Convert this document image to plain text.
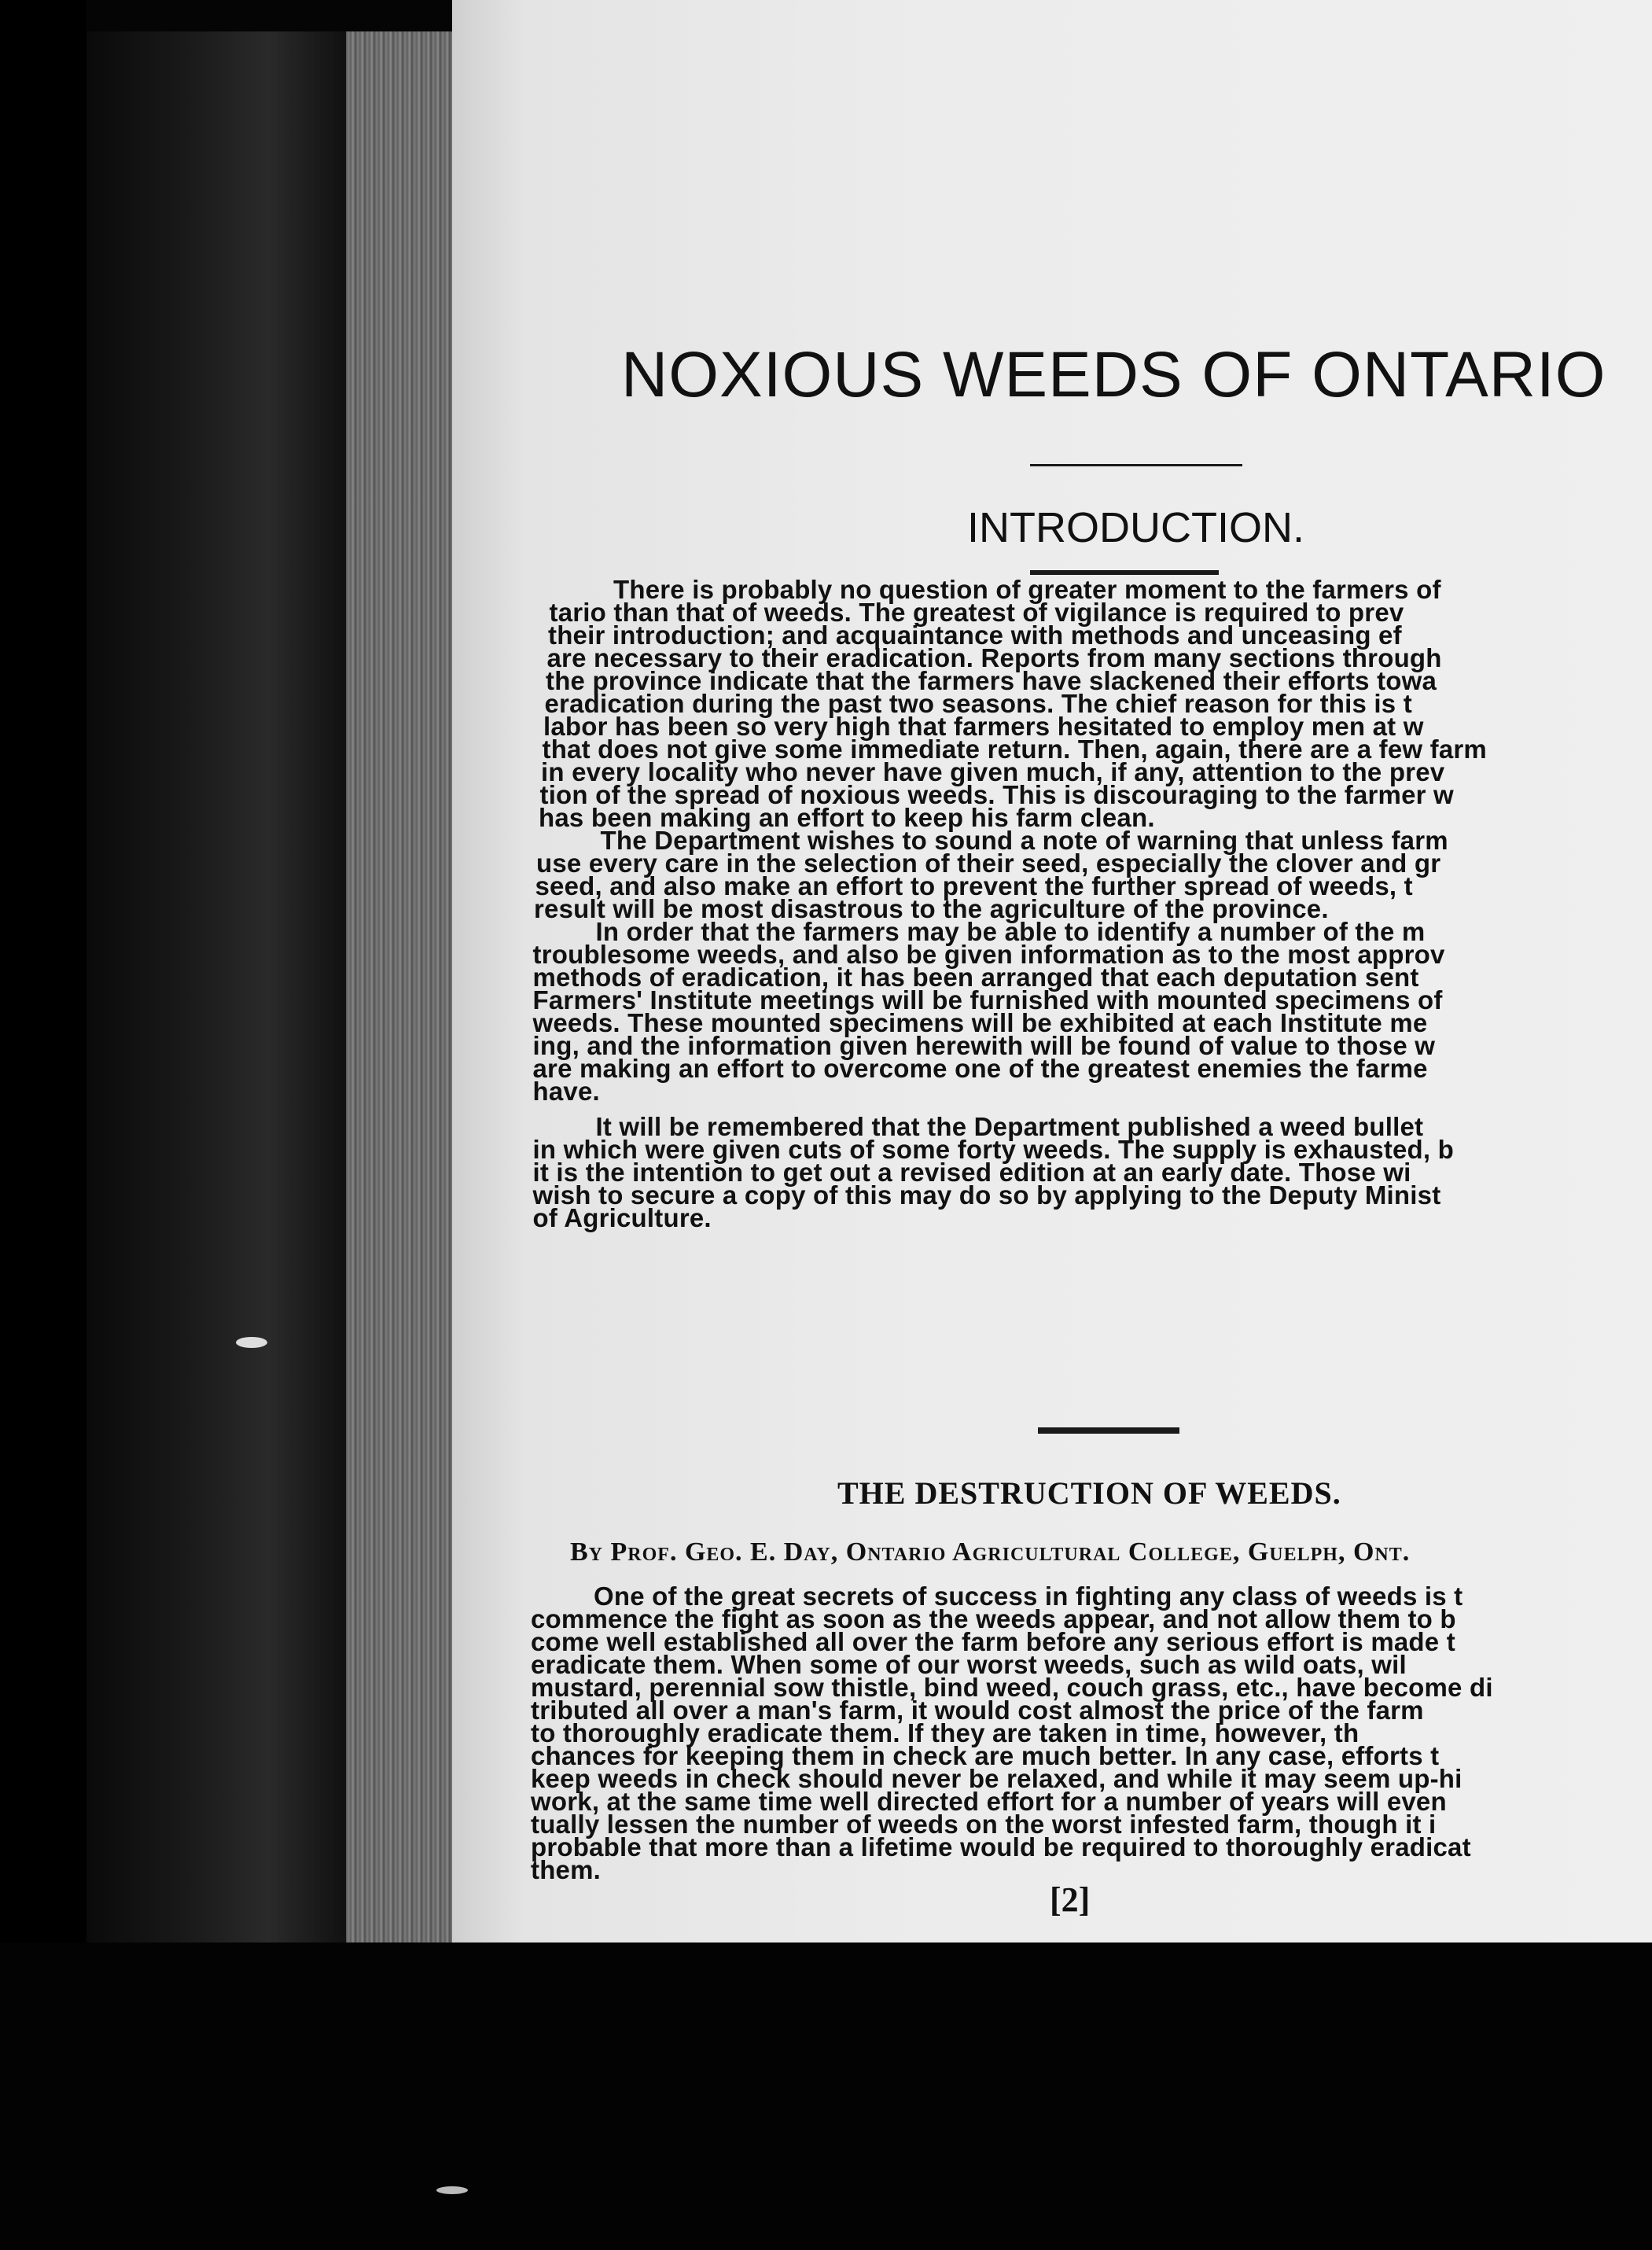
NOXIOUS WEEDS OF ONTARIO
INTRODUCTION.
There is probably no question of greater moment to the farmers of
tario than that of weeds. The greatest of vigilance is required to prev
their introduction; and acquaintance with methods and unceasing ef
are necessary to their eradication. Reports from many sections through
the province indicate that the farmers have slackened their efforts towa
eradication during the past two seasons. The chief reason for this is t
labor has been so very high that farmers hesitated to employ men at w
that does not give some immediate return. Then, again, there are a few farm
in every locality who never have given much, if any, attention to the prev
tion of the spread of noxious weeds. This is discouraging to the farmer w
has been making an effort to keep his farm clean.
The Department wishes to sound a note of warning that unless farm
use every care in the selection of their seed, especially the clover and gr
seed, and also make an effort to prevent the further spread of weeds, t
result will be most disastrous to the agriculture of the province.
In order that the farmers may be able to identify a number of the m
troublesome weeds, and also be given information as to the most approv
methods of eradication, it has been arranged that each deputation sent
Farmers' Institute meetings will be furnished with mounted specimens of
weeds. These mounted specimens will be exhibited at each Institute me
ing, and the information given herewith will be found of value to those w
are making an effort to overcome one of the greatest enemies the farme
have.
It will be remembered that the Department published a weed bullet
in which were given cuts of some forty weeds. The supply is exhausted, b
it is the intention to get out a revised edition at an early date. Those wi
wish to secure a copy of this may do so by applying to the Deputy Minist
of Agriculture.
THE DESTRUCTION OF WEEDS.
By Prof. Geo. E. Day, Ontario Agricultural College, Guelph, Ont.
One of the great secrets of success in fighting any class of weeds is t
commence the fight as soon as the weeds appear, and not allow them to b
come well established all over the farm before any serious effort is made t
eradicate them. When some of our worst weeds, such as wild oats, wil
mustard, perennial sow thistle, bind weed, couch grass, etc., have become di
tributed all over a man's farm, it would cost almost the price of the farm
to thoroughly eradicate them. If they are taken in time, however, th
chances for keeping them in check are much better. In any case, efforts t
keep weeds in check should never be relaxed, and while it may seem up-hi
work, at the same time well directed effort for a number of years will even
tually lessen the number of weeds on the worst infested farm, though it i
probable that more than a lifetime would be required to thoroughly eradicat
them.
[2]
